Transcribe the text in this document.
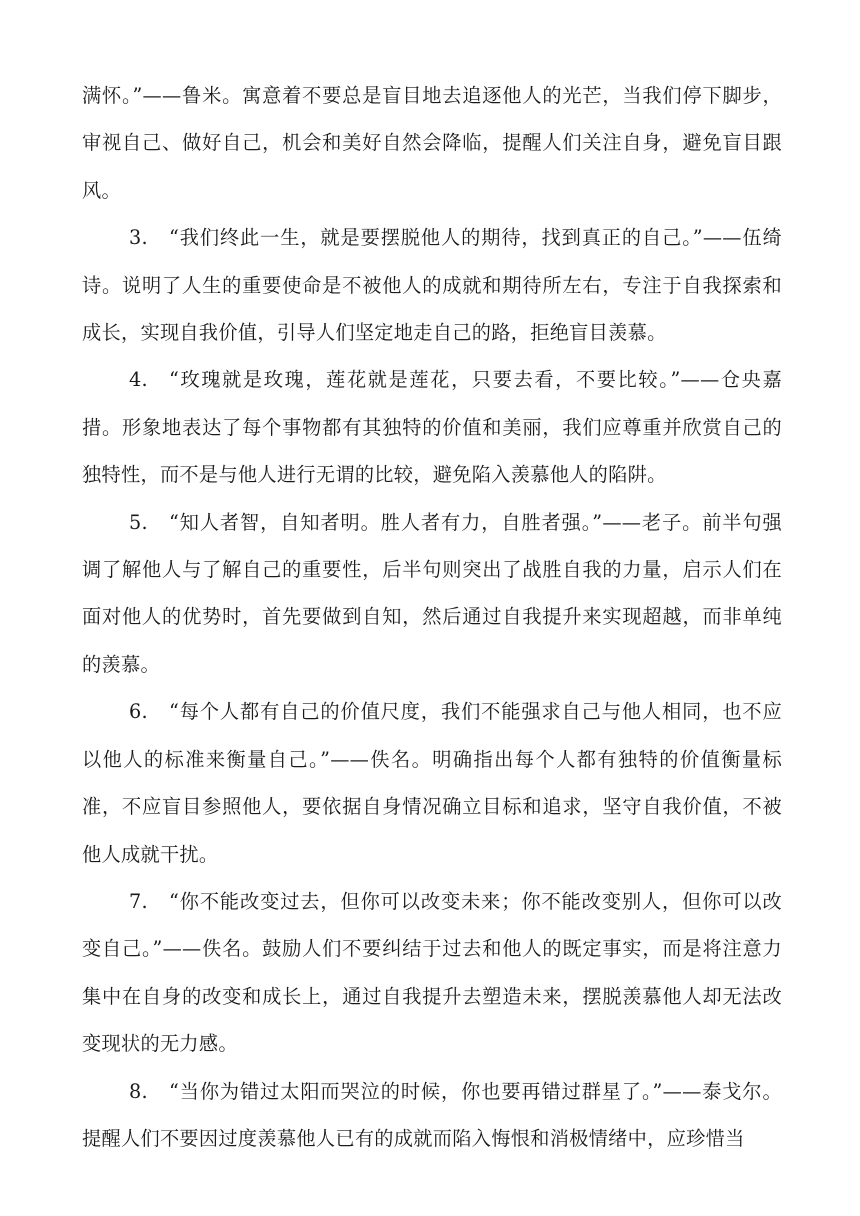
满怀。”——鲁米。寓意着不要总是盲目地去追逐他人的光芒，当我们停下脚步，审视自己、做好自己，机会和美好自然会降临，提醒人们关注自身，避免盲目跟风。

3. “我们终此一生，就是要摆脱他人的期待，找到真正的自己。”——伍绮诗。说明了人生的重要使命是不被他人的成就和期待所左右，专注于自我探索和成长，实现自我价值，引导人们坚定地走自己的路，拒绝盲目羡慕。

4. “玫瑰就是玫瑰，莲花就是莲花，只要去看，不要比较。”——仓央嘉措。形象地表达了每个事物都有其独特的价值和美丽，我们应尊重并欣赏自己的独特性，而不是与他人进行无谓的比较，避免陷入羡慕他人的陷阱。

5. “知人者智，自知者明。胜人者有力，自胜者强。”——老子。前半句强调了解他人与了解自己的重要性，后半句则突出了战胜自我的力量，启示人们在面对他人的优势时，首先要做到自知，然后通过自我提升来实现超越，而非单纯的羡慕。

6. “每个人都有自己的价值尺度，我们不能强求自己与他人相同，也不应以他人的标准来衡量自己。”——佚名。明确指出每个人都有独特的价值衡量标准，不应盲目参照他人，要依据自身情况确立目标和追求，坚守自我价值，不被他人成就干扰。

7. “你不能改变过去，但你可以改变未来；你不能改变别人，但你可以改变自己。”——佚名。鼓励人们不要纠结于过去和他人的既定事实，而是将注意力集中在自身的改变和成长上，通过自我提升去塑造未来，摆脱羡慕他人却无法改变现状的无力感。

8. “当你为错过太阳而哭泣的时候，你也要再错过群星了。”——泰戈尔。提醒人们不要因过度羡慕他人已有的成就而陷入悔恨和消极情绪中，应珍惜当
